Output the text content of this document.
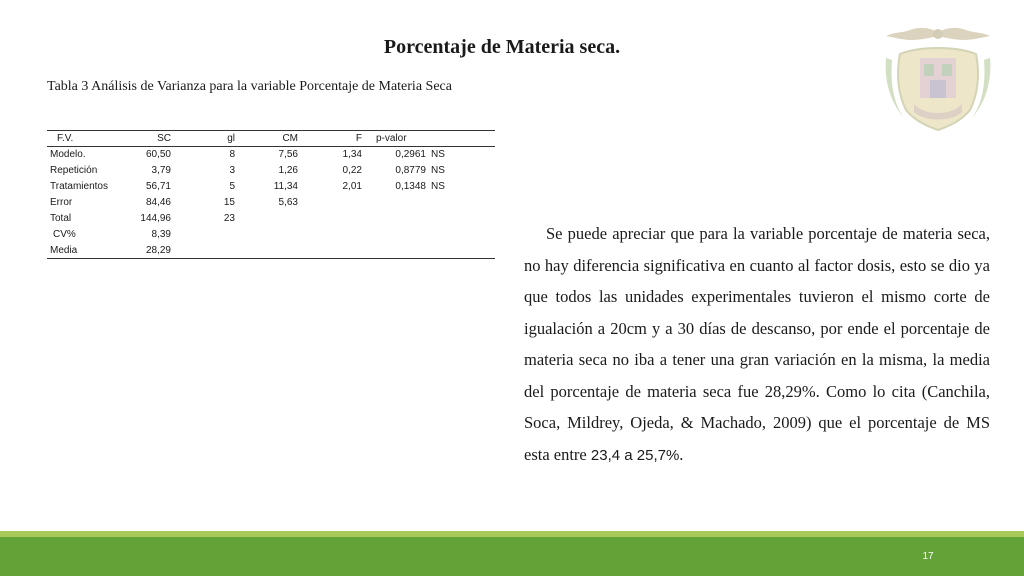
Porcentaje de Materia seca.
Tabla 3 Análisis de Varianza para la variable Porcentaje de Materia Seca
F.V.	SC	gl	CM	F	p-valor	
Modelo.	60,50	8	7,56	1,34	0,2961	NS
Repetición	3,79	3	1,26	0,22	0,8779	NS
Tratamientos	56,71	5	11,34	2,01	0,1348	NS
Error	84,46	15	5,63			
Total	144,96	23				
CV%	8,39					
Media	28,29					

Se puede apreciar que para la variable porcentaje de materia seca, no hay diferencia significativa en cuanto al factor dosis, esto se dio ya que todos las unidades experimentales tuvieron el mismo corte de igualación a 20cm y a 30 días de descanso, por ende el porcentaje de materia seca no iba a tener una gran variación en la misma, la media del porcentaje de materia seca fue 28,29%. Como lo cita (Canchila, Soca, Mildrey, Ojeda, & Machado, 2009) que el porcentaje de MS esta entre 23,4 a 25,7%.

17
